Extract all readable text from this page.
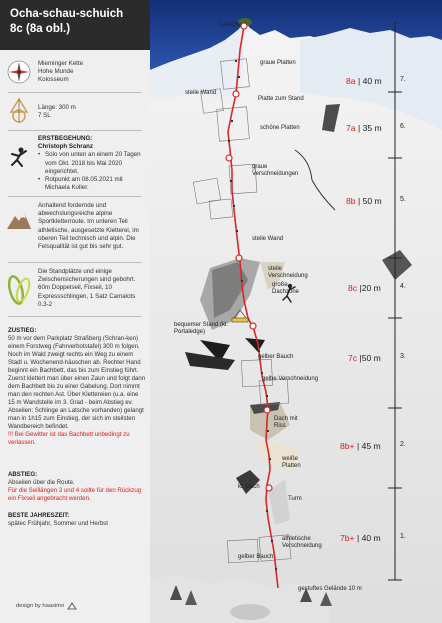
Ocha-schau-schuich
8c (8a obl.)
Mieminger Kette
Hohe Munde
Kolosseum
Länge: 300 m
7 SL
ERSTBEGEHUNG:
Christoph Schranz
• Solo von unten an einem 20 Tagen vom Okt. 2018 bis Mai 2020 eingerichtet.
• Rotpunkt am 08.05.2021 mit Michaela Koller.
Anhaltend fordernde und abwechslungsreiche alpine Sportkletterroute. Im unteren Teil athletische, ausgesetzte Kletterei, im oberen Teil technisch und alpin. Die Felsqualität ist gut bis sehr gut.
Die Standplätze und einige Zwischensicherungen sind gebohrt. 60m Doppelseil, Fixseil, 10 Expressschlingen, 1 Satz Camalots 0.3-2
ZUSTIEG:
50 m vor dem Parkplatz Straßberg (Schran-ken) einem Forstweg (Fahrverbotstafel) 300 m folgen. Noch im Wald zweigt rechts ein Weg zu einem Stadl u. Wochenend-häuschen ab. Rechter Hand beginnt ein Bachbett, das bis zum Einstieg führt. Zuerst klettert man über einen Zaun und folgt dann dem Bachbett bis zu einer Gabelung. Dort nimmt man den rechten Ast. Über Klettereien (u.a. eine 15 m Wandstelle im 3. Grad - beim Abstieg ev. Abseilen: Schlinge an Latsche vorhanden) gelangt man in 1h15 zum Einstieg, der sich im steilsten Wandbereich befindet.
!!! Bei Gewitter ist das Bachbett unbedingt zu verlassen.
ABSTIEG:
Abseilen über die Route.
Für die Seillängen 3 und 4 sollte für den Rückzug ein Fixseil angebracht werden.
BESTE JAHRESZEIT:
späteс Frühjahr, Sommer und Herbst
design by haasimo
Latsche
graue Platten
steile Wand
Platte zum Stand
schöne Platten
graue Verschneidungen
steile Wand
steile Verschneidung
große Dachzone
bequemer Stand (kl. Portaledge)
gelber Bauch
gelbe Verschneidung
Dach mit Riss
weiße Platten
kl. Dach
Turm
athletische Verschneidung
gelber Bauch
gestuftes Gelände 10 m
8a | 40 m
7a | 35 m
8b | 50 m
8c |20 m
7c |50 m
8b+ | 45 m
7b+ | 40 m
7.
6.
5.
4.
3.
2.
1.
